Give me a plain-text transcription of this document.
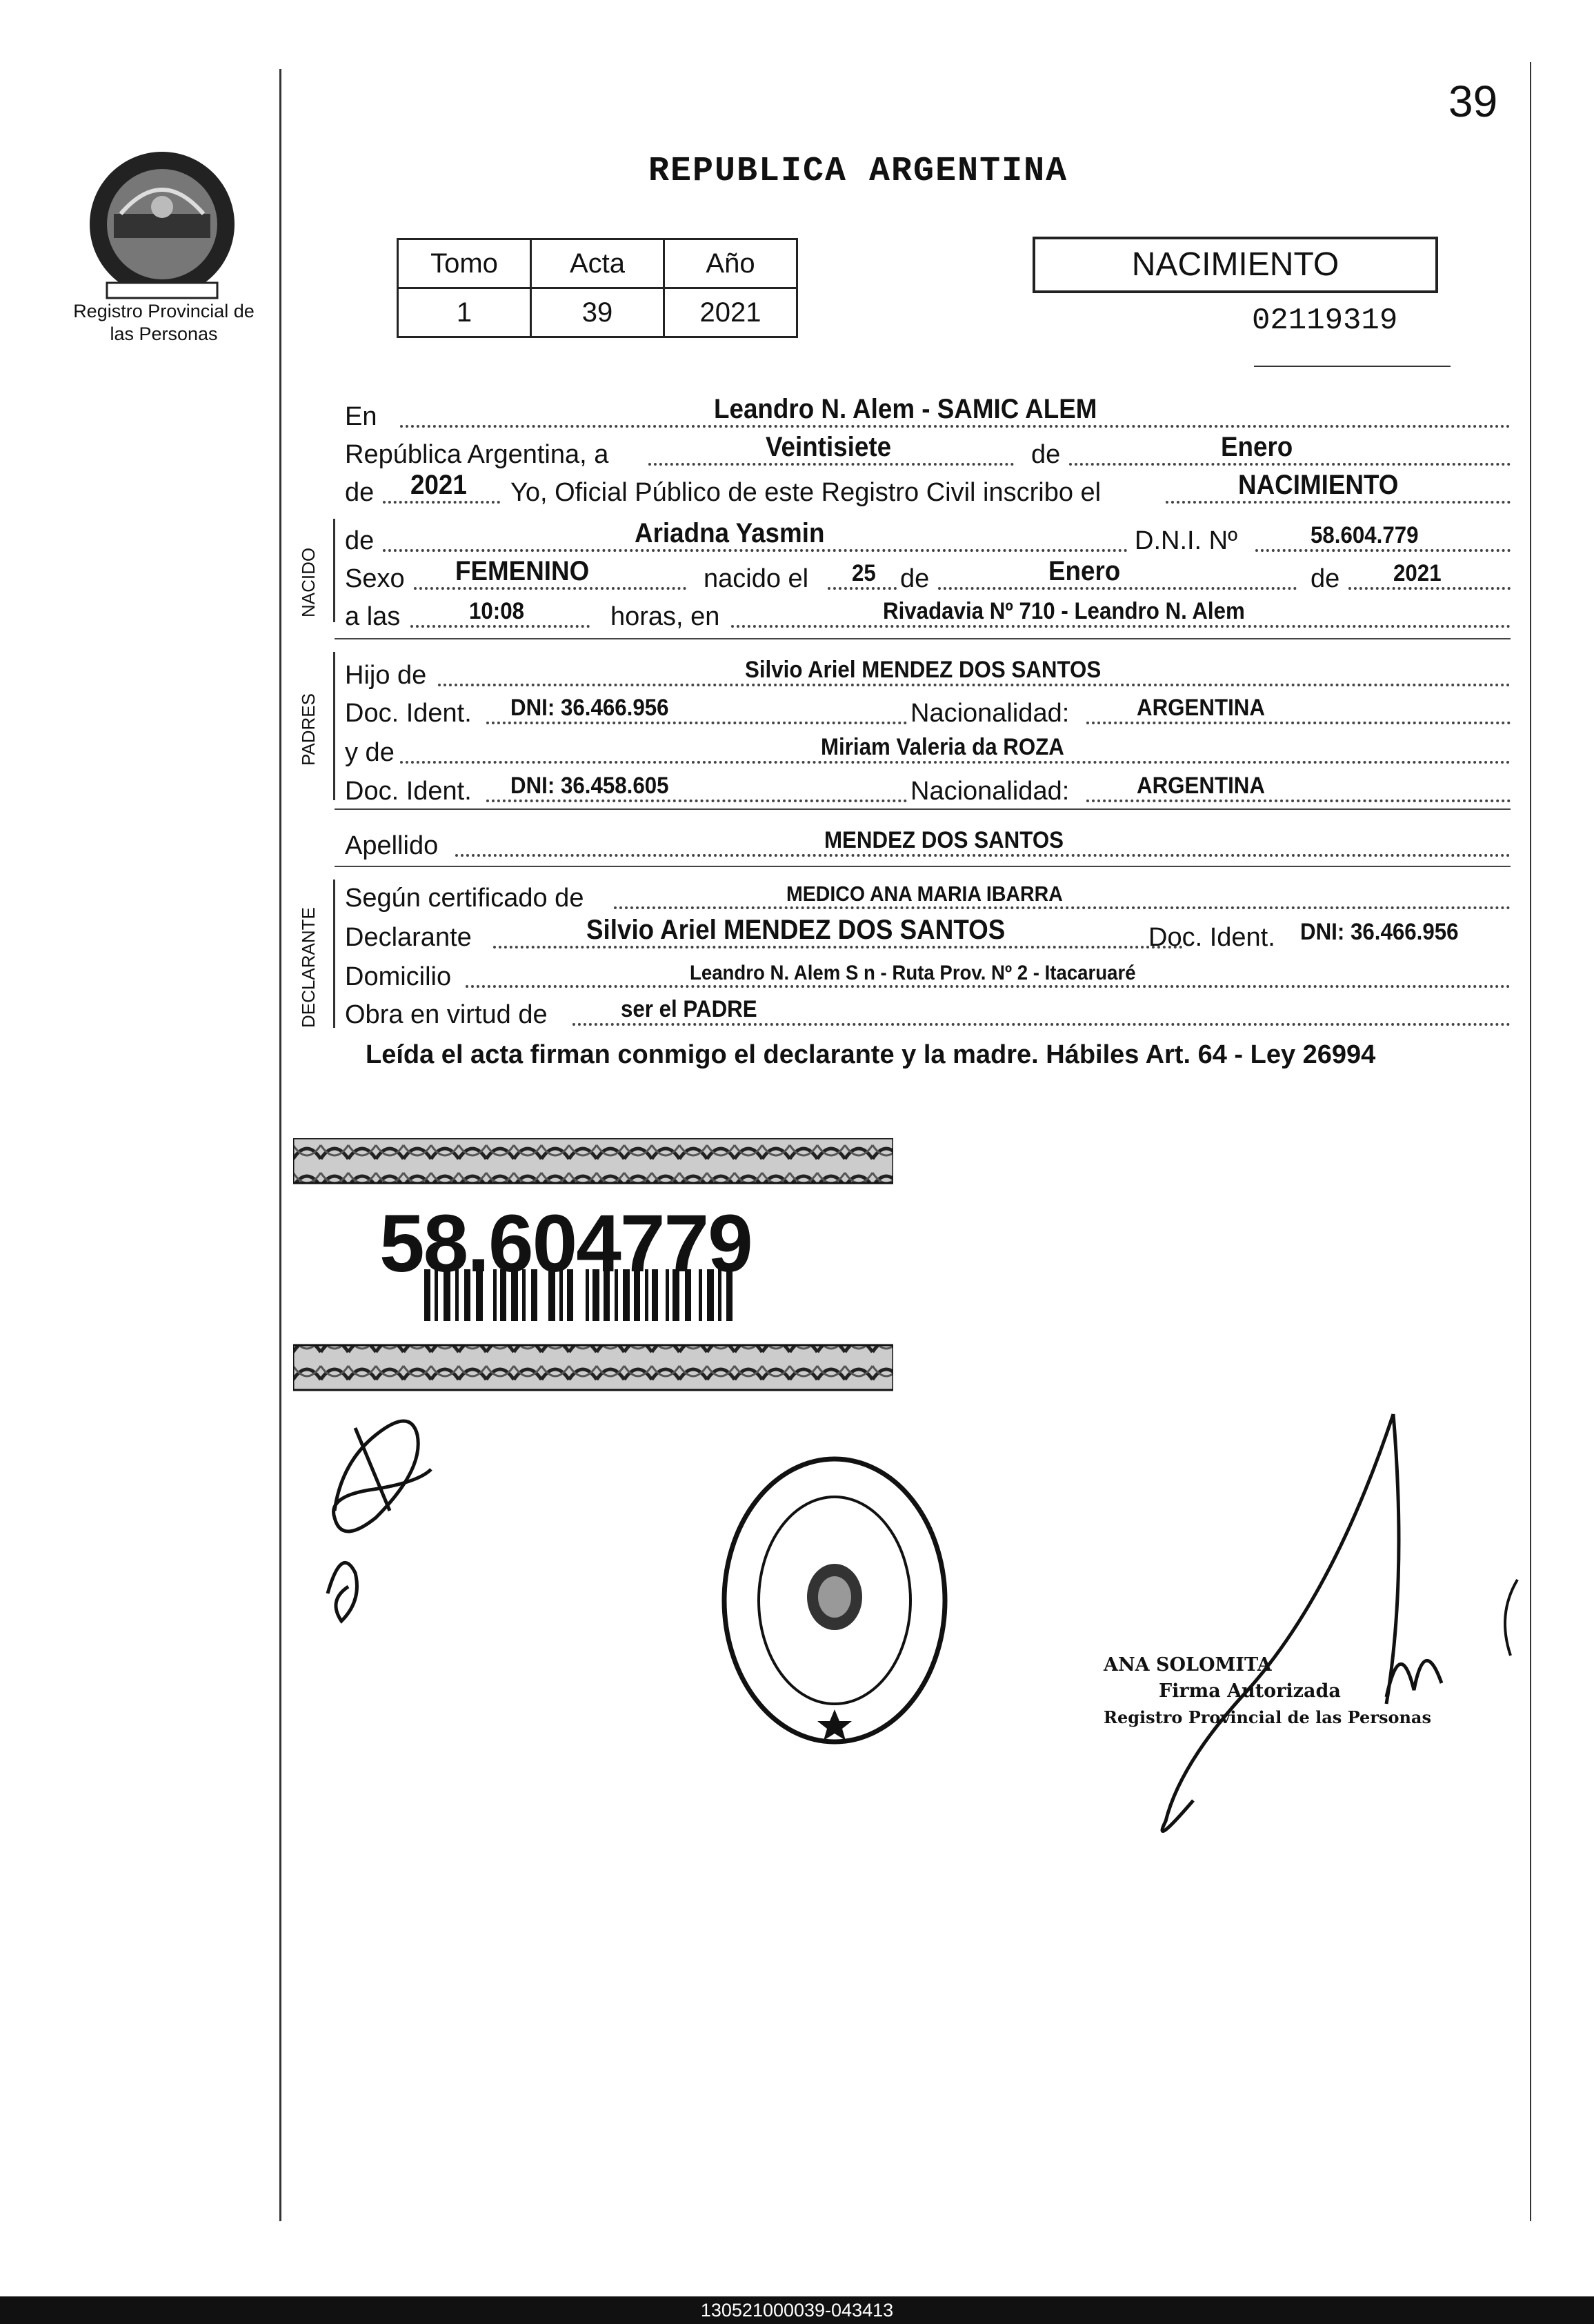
39
Registro Provincial de las Personas
REPUBLICA ARGENTINA
Tomo	Acta	Año
1	39	2021
NACIMIENTO
02119319
En	Leandro N. Alem - SAMIC ALEM
República Argentina, a	Veintisiete	de	Enero
de 2021 Yo, Oficial Público de este Registro Civil inscribo el	NACIMIENTO
NACIDO
de	Ariadna Yasmin	D.N.I. Nº	58.604.779
Sexo FEMENINO	nacido el 25 de	Enero	de 2021
a las	10:08	horas, en	Rivadavia Nº 710 - Leandro N. Alem
PADRES
Hijo de	Silvio Ariel MENDEZ DOS SANTOS
Doc. Ident. DNI: 36.466.956	Nacionalidad:	ARGENTINA
y de	Miriam Valeria da ROZA
Doc. Ident. DNI: 36.458.605	Nacionalidad:	ARGENTINA
Apellido	MENDEZ DOS SANTOS
DECLARANTE
Según certificado de	MEDICO ANA MARIA IBARRA
Declarante	Silvio Ariel MENDEZ DOS SANTOS	Doc. Ident. DNI: 36.466.956
Domicilio	Leandro N. Alem S n - Ruta Prov. Nº 2 - Itacaruaré
Obra en virtud de	ser el PADRE
Leída el acta firman conmigo el declarante y la madre. Hábiles Art. 64 - Ley 26994
58.604779
ANA SOLOMITA
Firma Autorizada
Registro Provincial de las Personas
130521000039-043413
